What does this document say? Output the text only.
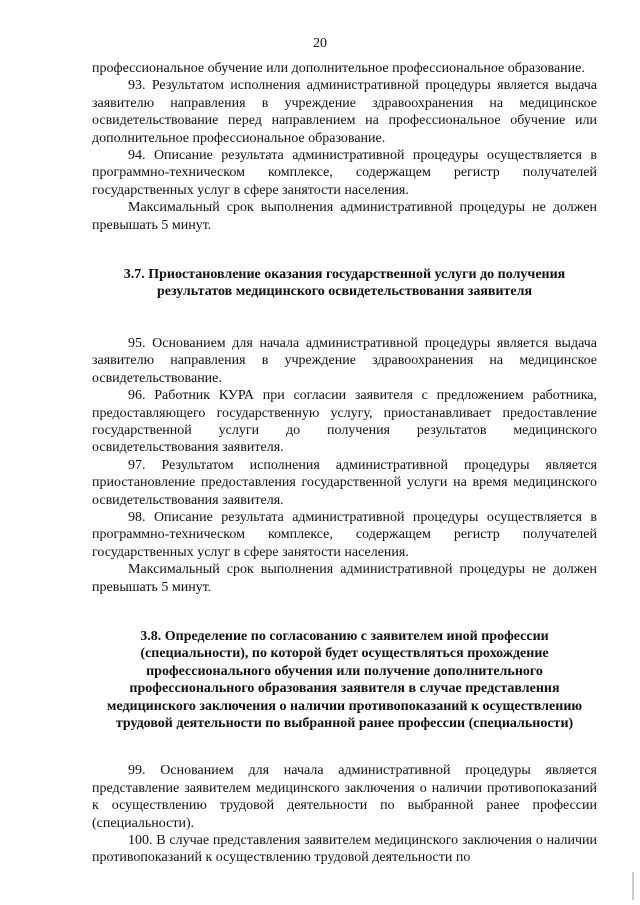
20

профессиональное обучение или дополнительное профессиональное образование.

93. Результатом исполнения административной процедуры является выдача заявителю направления в учреждение здравоохранения на медицинское освидетельствование перед направлением на профессиональное обучение или дополнительное профессиональное образование.

94. Описание результата административной процедуры осуществляется в программно-техническом комплексе, содержащем регистр получателей государственных услуг в сфере занятости населения.

Максимальный срок выполнения административной процедуры не должен превышать 5 минут.

3.7. Приостановление оказания государственной услуги до получения результатов медицинского освидетельствования заявителя

95. Основанием для начала административной процедуры является выдача заявителю направления в учреждение здравоохранения на медицинское освидетельствование.

96. Работник КУРА при согласии заявителя с предложением работника, предоставляющего государственную услугу, приостанавливает предоставление государственной услуги до получения результатов медицинского освидетельствования заявителя.

97. Результатом исполнения административной процедуры является приостановление предоставления государственной услуги на время медицинского освидетельствования заявителя.

98. Описание результата административной процедуры осуществляется в программно-техническом комплексе, содержащем регистр получателей государственных услуг в сфере занятости населения.

Максимальный срок выполнения административной процедуры не должен превышать 5 минут.

3.8. Определение по согласованию с заявителем иной профессии (специальности), по которой будет осуществляться прохождение профессионального обучения или получение дополнительного профессионального образования заявителя в случае представления медицинского заключения о наличии противопоказаний к осуществлению трудовой деятельности по выбранной ранее профессии (специальности)

99. Основанием для начала административной процедуры является представление заявителем медицинского заключения о наличии противопоказаний к осуществлению трудовой деятельности по выбранной ранее профессии (специальности).

100. В случае представления заявителем медицинского заключения о наличии противопоказаний к осуществлению трудовой деятельности по
